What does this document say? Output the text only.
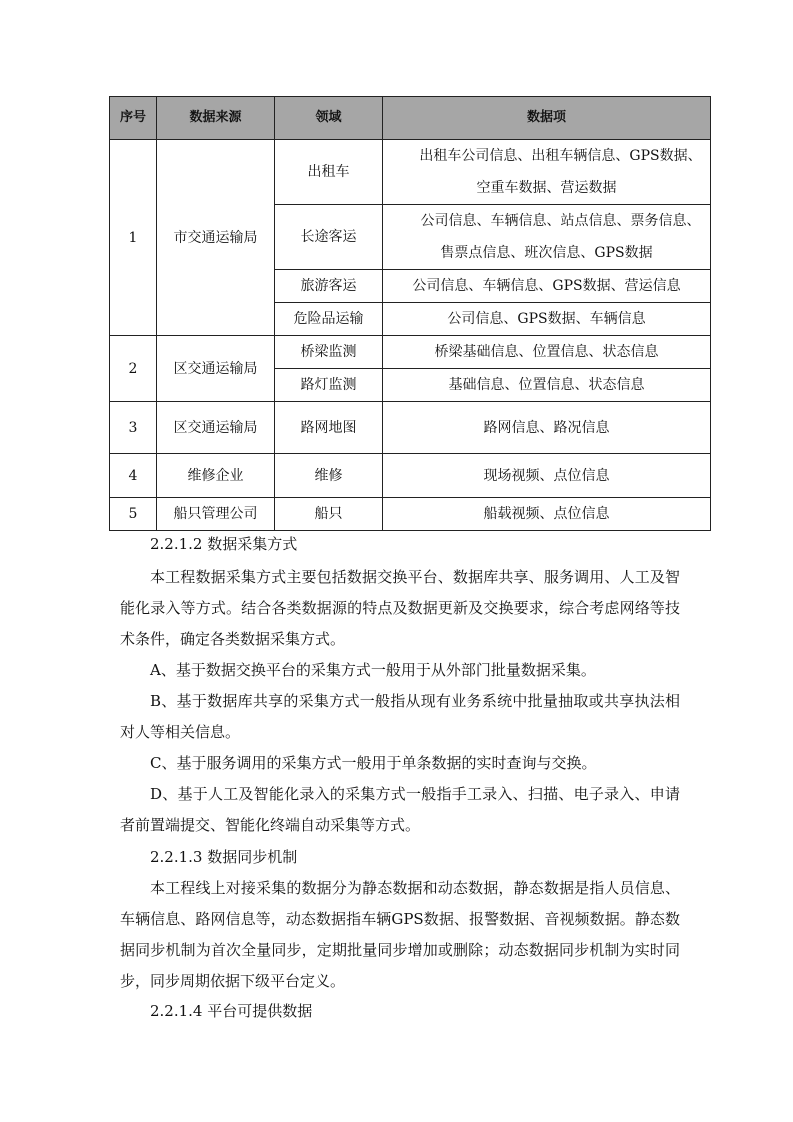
序号	数据来源	领域	数据项
1	市交通运输局	出租车	出租车公司信息、出租车辆信息、GPS数据、空重车数据、营运数据
		长途客运	公司信息、车辆信息、站点信息、票务信息、售票点信息、班次信息、GPS数据
		旅游客运	公司信息、车辆信息、GPS数据、营运信息
		危险品运输	公司信息、GPS数据、车辆信息
2	区交通运输局	桥梁监测	桥梁基础信息、位置信息、状态信息
		路灯监测	基础信息、位置信息、状态信息
3	区交通运输局	路网地图	路网信息、路况信息
4	维修企业	维修	现场视频、点位信息
5	船只管理公司	船只	船载视频、点位信息
2.2.1.2 数据采集方式
本工程数据采集方式主要包括数据交换平台、数据库共享、服务调用、人工及智能化录入等方式。结合各类数据源的特点及数据更新及交换要求，综合考虑网络等技术条件，确定各类数据采集方式。
A、基于数据交换平台的采集方式一般用于从外部门批量数据采集。
B、基于数据库共享的采集方式一般指从现有业务系统中批量抽取或共享执法相对人等相关信息。
C、基于服务调用的采集方式一般用于单条数据的实时查询与交换。
D、基于人工及智能化录入的采集方式一般指手工录入、扫描、电子录入、申请者前置端提交、智能化终端自动采集等方式。
2.2.1.3 数据同步机制
本工程线上对接采集的数据分为静态数据和动态数据，静态数据是指人员信息、车辆信息、路网信息等，动态数据指车辆GPS数据、报警数据、音视频数据。静态数据同步机制为首次全量同步，定期批量同步增加或删除；动态数据同步机制为实时同步，同步周期依据下级平台定义。
2.2.1.4 平台可提供数据
